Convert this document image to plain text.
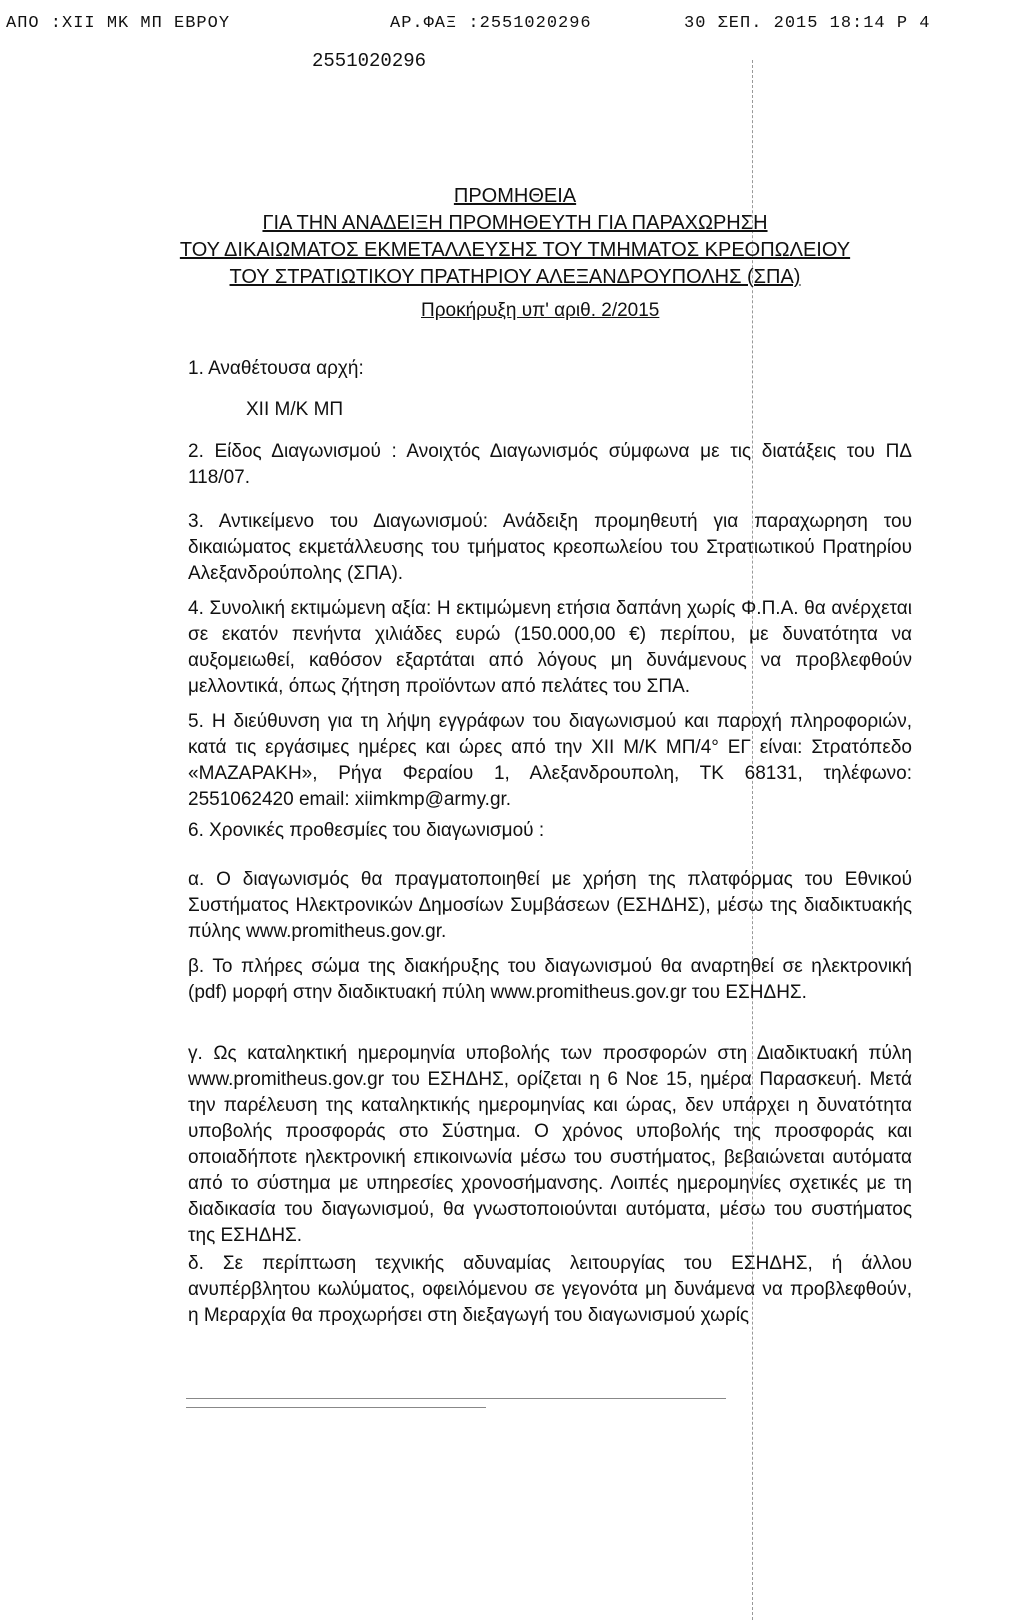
ΑΠΟ :ΧΙΙ ΜΚ ΜΠ ΕΒΡΟΥ	ΑΡ.ΦΑΞ :2551020296	30 ΣΕΠ. 2015 18:14 Ρ 4
2551020296
ΠΡΟΜΗΘΕΙΑ
ΓΙΑ ΤΗΝ ΑΝΑΔΕΙΞΗ ΠΡΟΜΗΘΕΥΤΗ ΓΙΑ ΠΑΡΑΧΩΡΗΣΗ
ΤΟΥ ΔΙΚΑΙΩΜΑΤΟΣ ΕΚΜΕΤΑΛΛΕΥΣΗΣ ΤΟΥ ΤΜΗΜΑΤΟΣ ΚΡΕΟΠΩΛΕΙΟΥ
ΤΟΥ ΣΤΡΑΤΙΩΤΙΚΟΥ ΠΡΑΤΗΡΙΟΥ ΑΛΕΞΑΝΔΡΟΥΠΟΛΗΣ (ΣΠΑ)
Προκήρυξη υπ' αριθ. 2/2015
1. Αναθέτουσα αρχή:
ΧΙΙ Μ/Κ ΜΠ
2. Είδος Διαγωνισμού : Ανοιχτός Διαγωνισμός σύμφωνα με τις διατάξεις του ΠΔ 118/07.
3. Αντικείμενο του Διαγωνισμού: Ανάδειξη προμηθευτή για παραχωρηση του δικαιώματος εκμετάλλευσης του τμήματος κρεοπωλείου του Στρατιωτικού Πρατηρίου Αλεξανδρούπολης (ΣΠΑ).
4. Συνολική εκτιμώμενη αξία: Η εκτιμώμενη ετήσια δαπάνη χωρίς Φ.Π.Α. θα ανέρχεται σε εκατόν πενήντα χιλιάδες ευρώ (150.000,00 €) περίπου, με δυνατότητα να αυξομειωθεί, καθόσον εξαρτάται από λόγους μη δυνάμενους να προβλεφθούν μελλοντικά, όπως ζήτηση προϊόντων από πελάτες του ΣΠΑ.
5. Η διεύθυνση για τη λήψη εγγράφων του διαγωνισμού και παροχή πληροφοριών, κατά τις εργάσιμες ημέρες και ώρες από την ΧΙΙ Μ/Κ ΜΠ/4° ΕΓ είναι: Στρατόπεδο «ΜΑΖΑΡΑΚΗ», Ρήγα Φεραίου 1, Αλεξανδρουπολη, ΤΚ 68131, τηλέφωνο: 2551062420 email: xiimkmp@army.gr.
6. Χρονικές προθεσμίες του διαγωνισμού :
α. Ο διαγωνισμός θα πραγματοποιηθεί με χρήση της πλατφόρμας του Εθνικού Συστήματος Ηλεκτρονικών Δημοσίων Συμβάσεων (ΕΣΗΔΗΣ), μέσω της διαδικτυακής πύλης www.promitheus.gov.gr.
β. Το πλήρες σώμα της διακήρυξης του διαγωνισμού θα αναρτηθεί σε ηλεκτρονική (pdf) μορφή στην διαδικτυακή πύλη www.promitheus.gov.gr του ΕΣΗΔΗΣ.
γ. Ως καταληκτική ημερομηνία υποβολής των προσφορών στη Διαδικτυακή πύλη www.promitheus.gov.gr του ΕΣΗΔΗΣ, ορίζεται η 6 Νοε 15, ημέρα Παρασκευή. Μετά την παρέλευση της καταληκτικής ημερομηνίας και ώρας, δεν υπάρχει η δυνατότητα υποβολής προσφοράς στο Σύστημα. Ο χρόνος υποβολής της προσφοράς και οποιαδήποτε ηλεκτρονική επικοινωνία μέσω του συστήματος, βεβαιώνεται αυτόματα από το σύστημα με υπηρεσίες χρονοσήμανσης. Λοιπές ημερομηνίες σχετικές με τη διαδικασία του διαγωνισμού, θα γνωστοποιούνται αυτόματα, μέσω του συστήματος της ΕΣΗΔΗΣ.
δ. Σε περίπτωση τεχνικής αδυναμίας λειτουργίας του ΕΣΗΔΗΣ, ή άλλου ανυπέρβλητου κωλύματος, οφειλόμενου σε γεγονότα μη δυνάμενα να προβλεφθούν, η Μεραρχία θα προχωρήσει στη διεξαγωγή του διαγωνισμού χωρίς
